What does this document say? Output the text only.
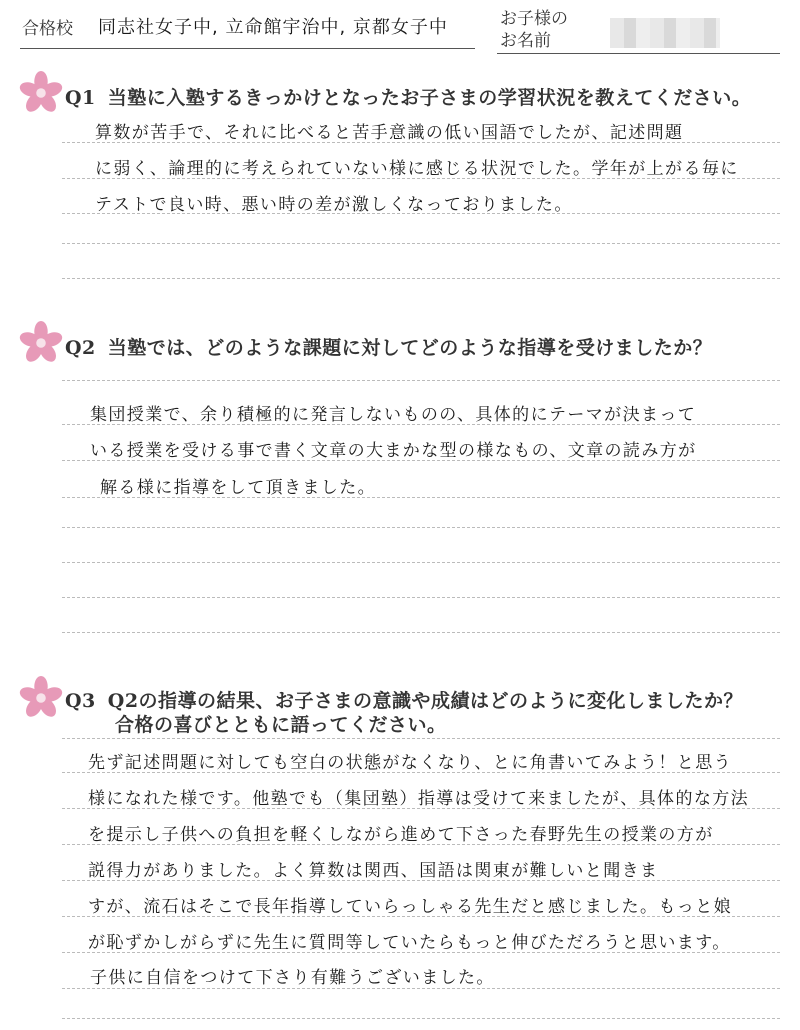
合格校 同志社女子中, 立命館宇治中, 京都女子中	お子様の
お名前
Q1 当塾に入塾するきっかけとなったお子さまの学習状況を教えてください。
算数が苦手で、それに比べると苦手意識の低い国語でしたが、記述問題
に弱く、論理的に考えられていない様に感じる状況でした。学年が上がる毎に
テストで良い時、悪い時の差が激しくなっておりました。
Q2 当塾では、どのような課題に対してどのような指導を受けましたか？
集団授業で、余り積極的に発言しないものの、具体的にテーマが決まって
いる授業を受ける事で書く文章の大まかな型の様なもの、文章の読み方が
解る様に指導をして頂きました。
Q3 Q2の指導の結果、お子さまの意識や成績はどのように変化しましたか？
合格の喜びとともに語ってください。
先ず記述問題に対しても空白の状態がなくなり、とに角書いてみよう！と思う
様になれた様です。他塾でも（集団塾）指導は受けて来ましたが、具体的な方法
を提示し子供への負担を軽くしながら進めて下さった春野先生の授業の方が
説得力がありました。よく算数は関西、国語は関東が難しいと聞きま
すが、流石はそこで長年指導していらっしゃる先生だと感じました。もっと娘
が恥ずかしがらずに先生に質問等していたらもっと伸びただろうと思います。
子供に自信をつけて下さり有難うございました。
